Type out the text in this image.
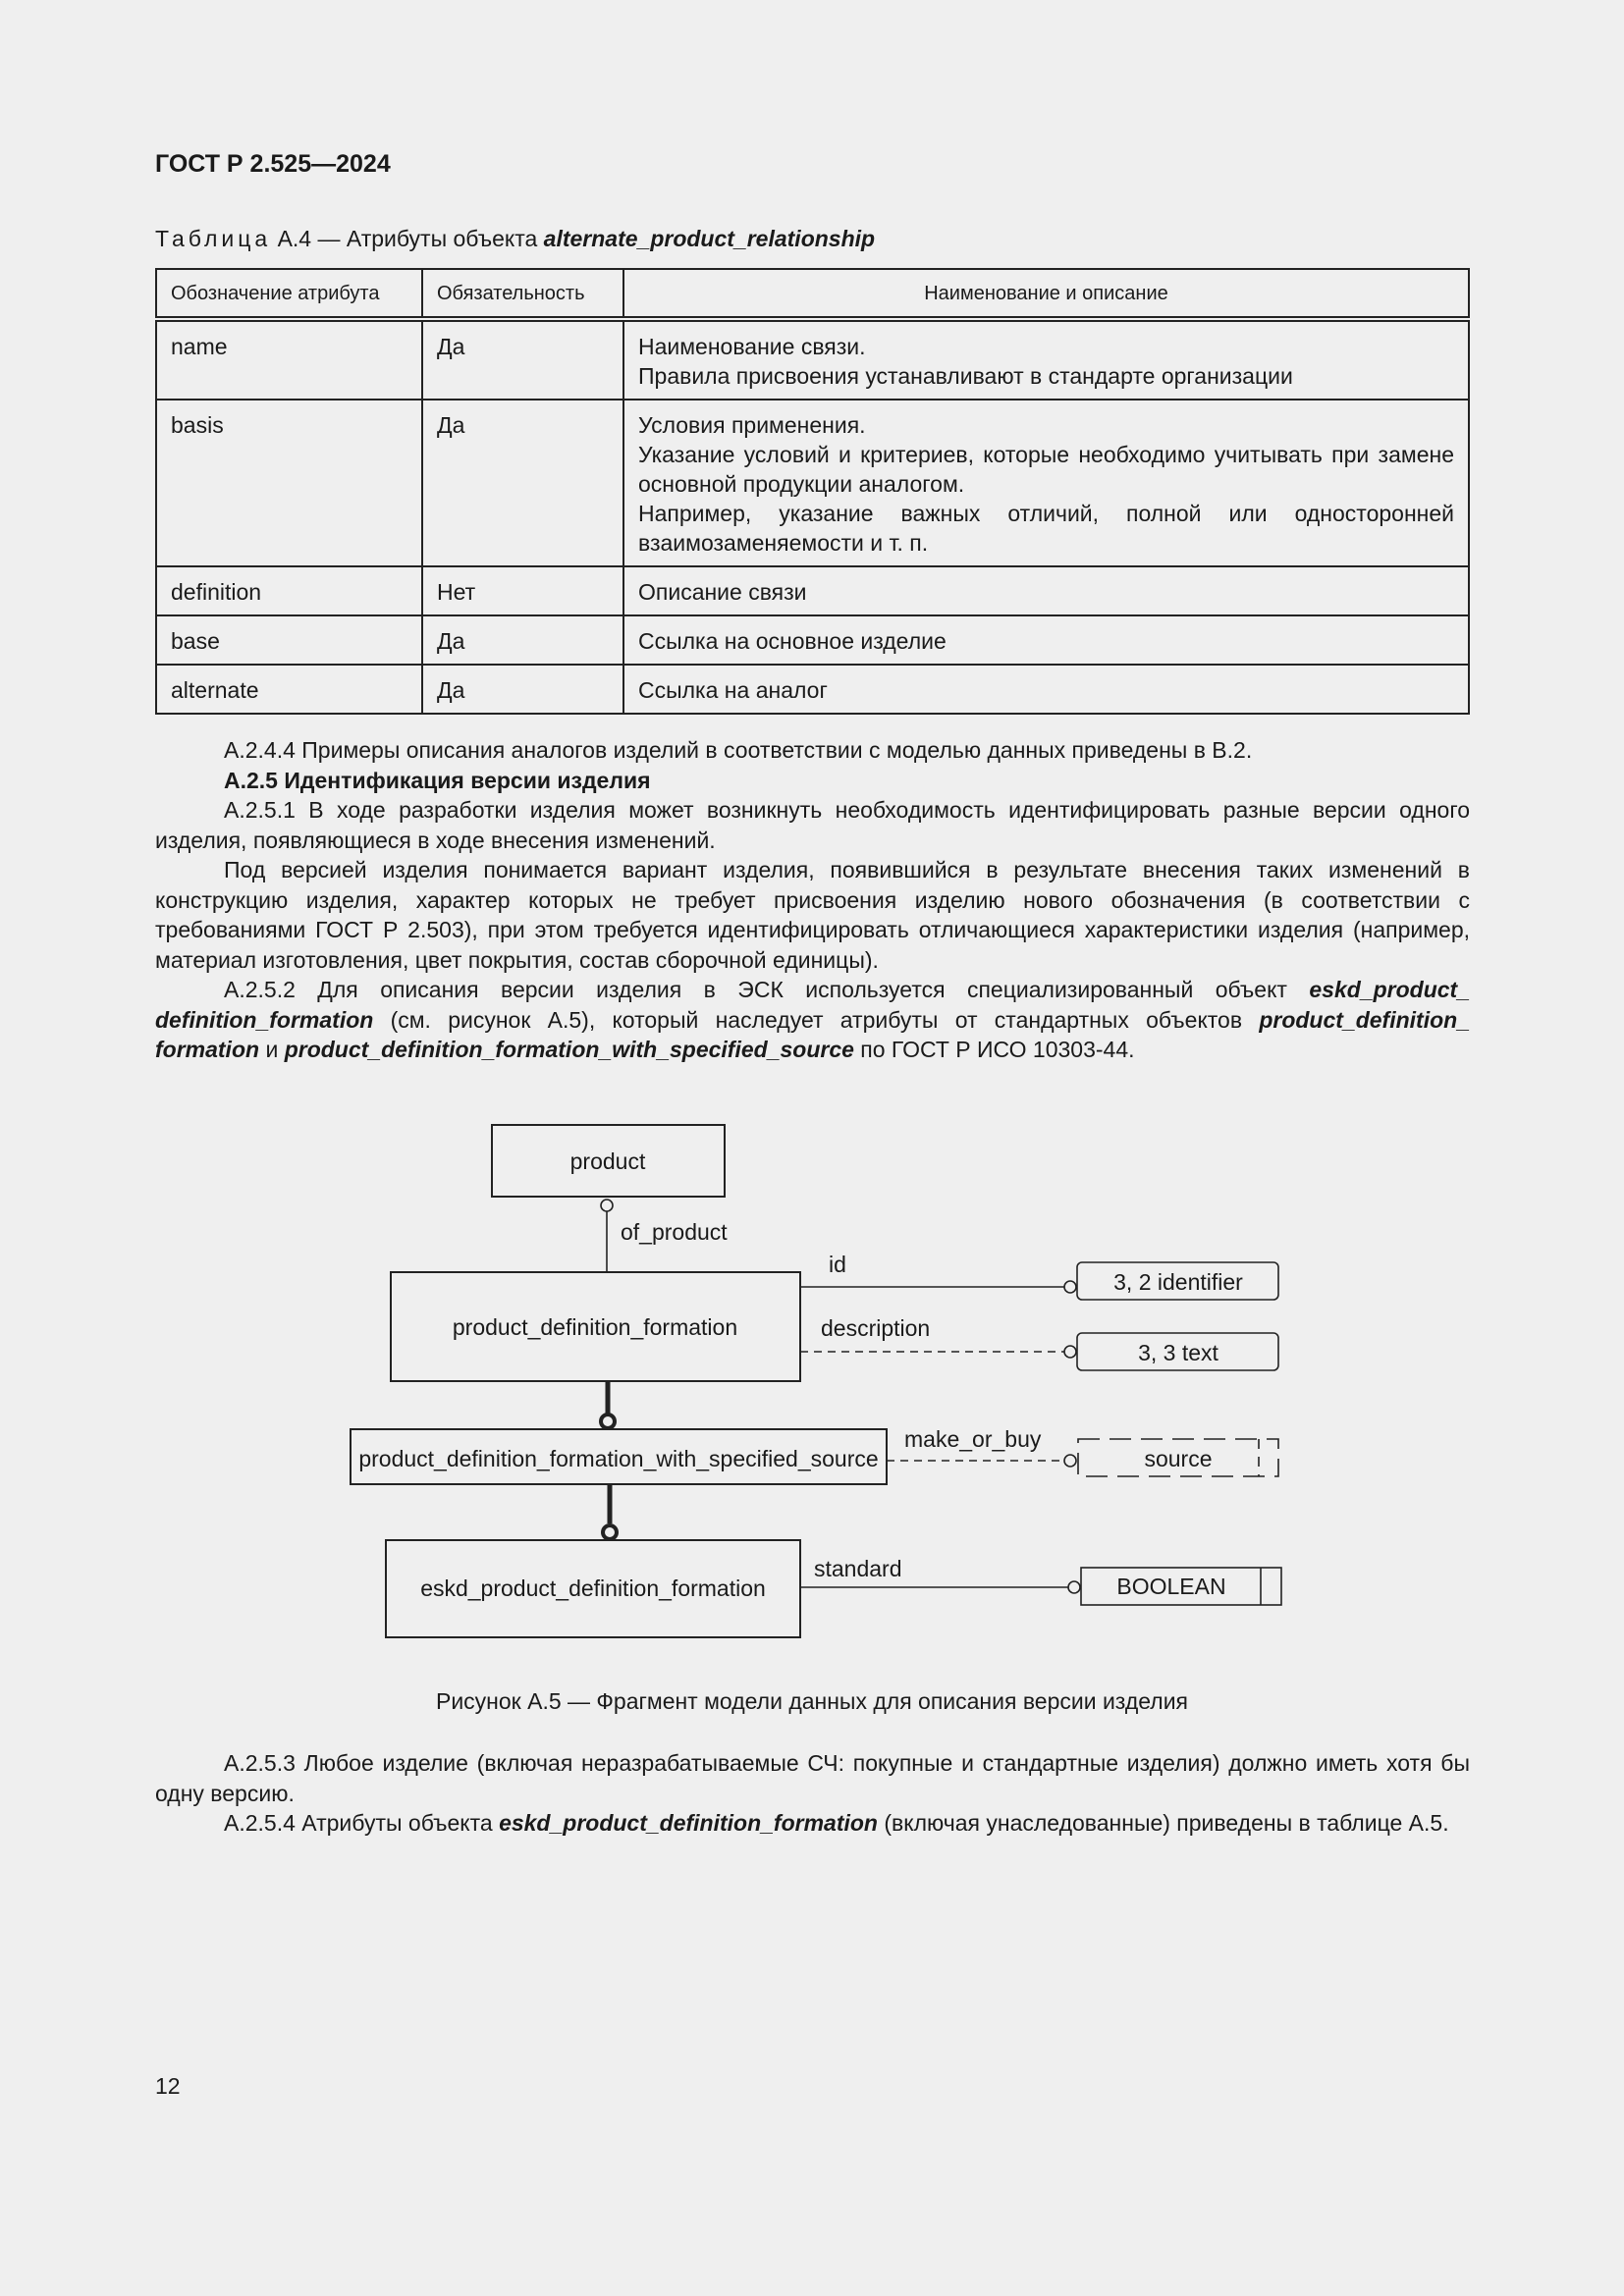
ГОСТ Р 2.525—2024
Таблица А.4 — Атрибуты объекта alternate_product_relationship
Обозначение атрибута	Обязательность	Наименование и описание
name	Да	Наименование связи.
Правила присвоения устанавливают в стандарте организации

basis	Да	Условия применения.
Указание условий и критериев, которые необходимо учитывать при замене основной продукции аналогом.
Например, указание важных отличий, полной или односторонней взаимозаменяемости и т. п.

definition	Нет	Описание связи

base	Да	Ссылка на основное изделие

alternate	Да	Ссылка на аналог

А.2.4.4 Примеры описания аналогов изделий в соответствии с моделью данных приведены в В.2.

А.2.5 Идентификация версии изделия

А.2.5.1 В ходе разработки изделия может возникнуть необходимость идентифицировать разные версии одного изделия, появляющиеся в ходе внесения изменений.

Под версией изделия понимается вариант изделия, появившийся в результате внесения таких изменений в конструкцию изделия, характер которых не требует присвоения изделию нового обозначения (в соответствии с требованиями ГОСТ Р 2.503), при этом требуется идентифицировать отличающиеся характеристики изделия (например, материал изготовления, цвет покрытия, состав сборочной единицы).

А.2.5.2 Для описания версии изделия в ЭСК используется специализированный объект eskd_product_ definition_formation (см. рисунок А.5), который наследует атрибуты от стандартных объектов product_definition_ formation и product_definition_formation_with_specified_source по ГОСТ Р ИСО 10303-44.

product
of_product
product_definition_formation
id
3, 2 identifier
description
3, 3 text
product_definition_formation_with_specified_source
make_or_buy
source
eskd_product_definition_formation
standard
BOOLEAN
Рисунок А.5 — Фрагмент модели данных для описания версии изделия

А.2.5.3 Любое изделие (включая неразрабатываемые СЧ: покупные и стандартные изделия) должно иметь хотя бы одну версию.

А.2.5.4 Атрибуты объекта eskd_product_definition_formation (включая унаследованные) приведены в таблице А.5.

12
